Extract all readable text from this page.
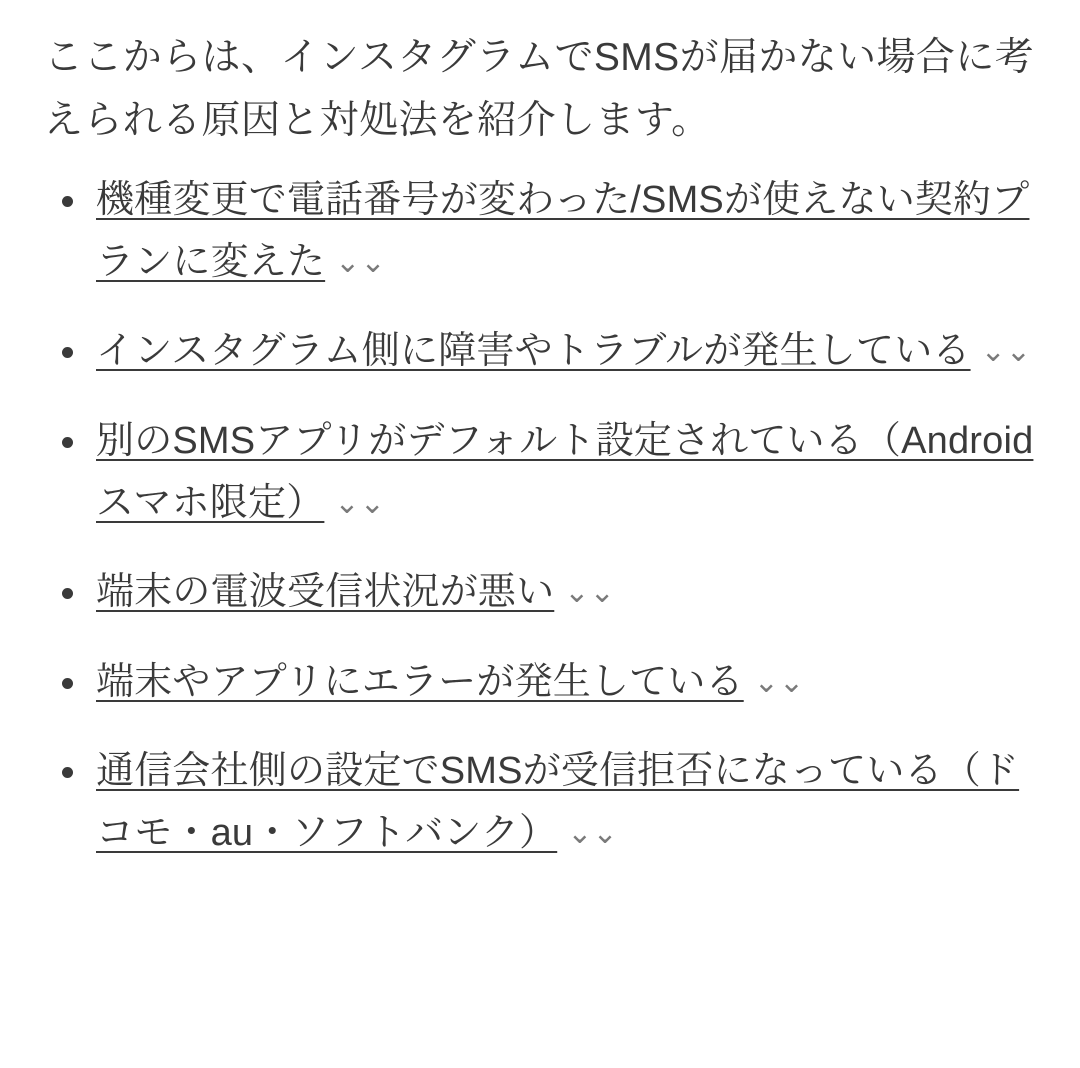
ここからは、インスタグラムでSMSが届かない場合に考えられる原因と対処法を紹介します。

機種変更で電話番号が変わった/SMSが使えない契約プランに変えた ⌄⌄
インスタグラム側に障害やトラブルが発生している ⌄⌄
別のSMSアプリがデフォルト設定されている（Androidスマホ限定） ⌄⌄
端末の電波受信状況が悪い ⌄⌄
端末やアプリにエラーが発生している ⌄⌄
通信会社側の設定でSMSが受信拒否になっている（ドコモ・au・ソフトバンク） ⌄⌄
